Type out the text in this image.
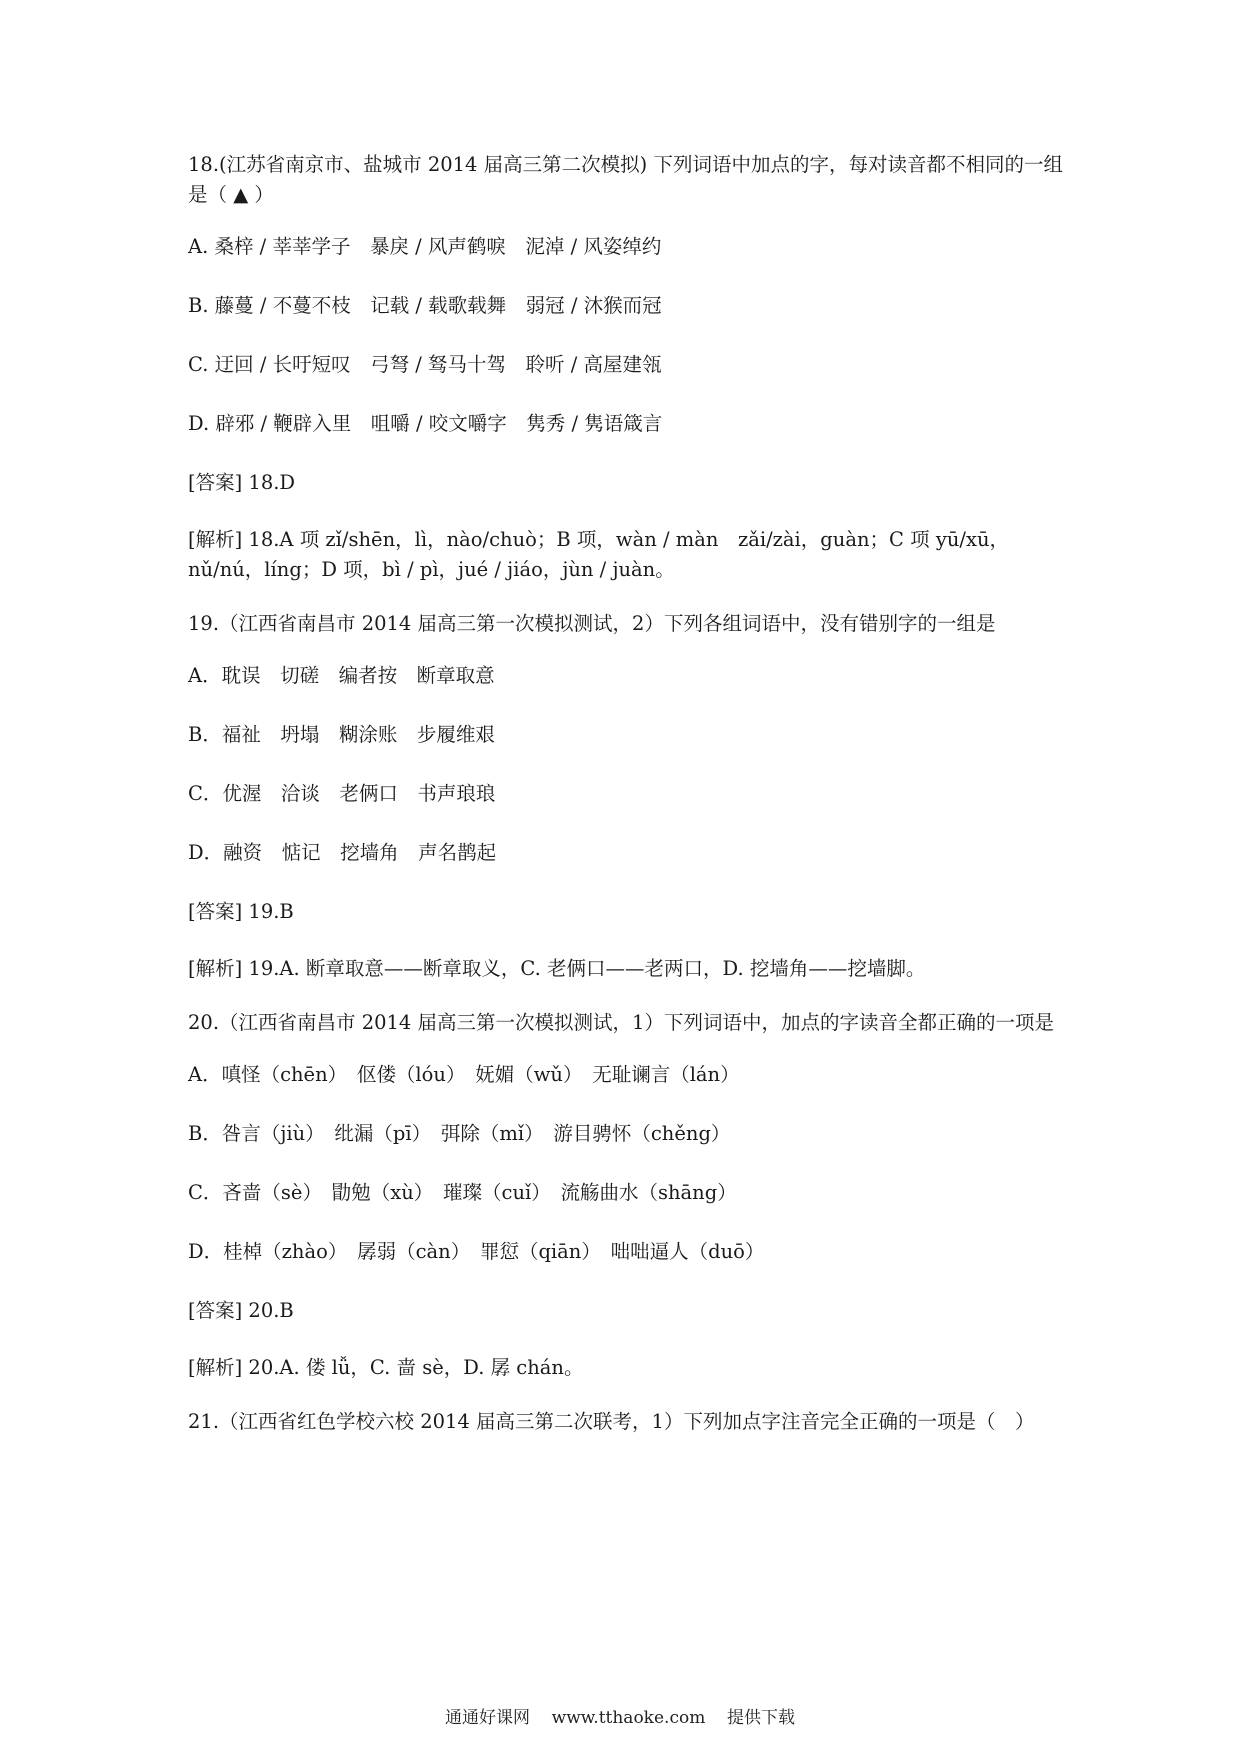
18.(江苏省南京市、盐城市 2014 届高三第二次模拟) 下列词语中加点的字，每对读音都不相同的一组是（ ▲ ）

A. 桑梓 / 莘莘学子　暴戾 / 风声鹤唳　泥淖 / 风姿绰约

B. 藤蔓 / 不蔓不枝　记载 / 载歌载舞　弱冠 / 沐猴而冠

C. 迂回 / 长吁短叹　弓弩 / 驽马十驾　聆听 / 高屋建瓴

D. 辟邪 / 鞭辟入里　咀嚼 / 咬文嚼字　隽秀 / 隽语箴言

[答案] 18.D

[解析] 18.A 项 zǐ/shēn，lì，nào/chuò；B 项，wàn / màn　zǎi/zài，guàn；C 项 yū/xū，nǔ/nú，líng；D 项，bì / pì，jué / jiáo，jùn / juàn。

19.（江西省南昌市 2014 届高三第一次模拟测试，2）下列各组词语中，没有错别字的一组是

A．耽误　切磋　编者按　断章取意

B．福祉　坍塌　糊涂账　步履维艰

C．优渥　洽谈　老俩口　书声琅琅

D．融资　惦记　挖墙角　声名鹊起

[答案] 19.B

[解析] 19.A. 断章取意——断章取义，C. 老俩口——老两口，D. 挖墙角——挖墙脚。

20.（江西省南昌市 2014 届高三第一次模拟测试，1）下列词语中，加点的字读音全都正确的一项是

A．嗔怪（chēn）　伛偻（lóu）　妩媚（wǔ）　无耻谰言（lán）

B．咎言（jiù）　纰漏（pī）　弭除（mǐ）　游目骋怀（chěng）

C．吝啬（sè）　勖勉（xù）　璀璨（cuǐ）　流觞曲水（shāng）

D．桂棹（zhào）　孱弱（càn）　罪愆（qiān）　咄咄逼人（duō）

[答案] 20.B

[解析] 20.A. 偻 lǚ，C. 啬 sè，D. 孱 chán。

21.（江西省红色学校六校 2014 届高三第二次联考，1）下列加点字注音完全正确的一项是（　）

通通好课网 www.tthaoke.com 提供下载
